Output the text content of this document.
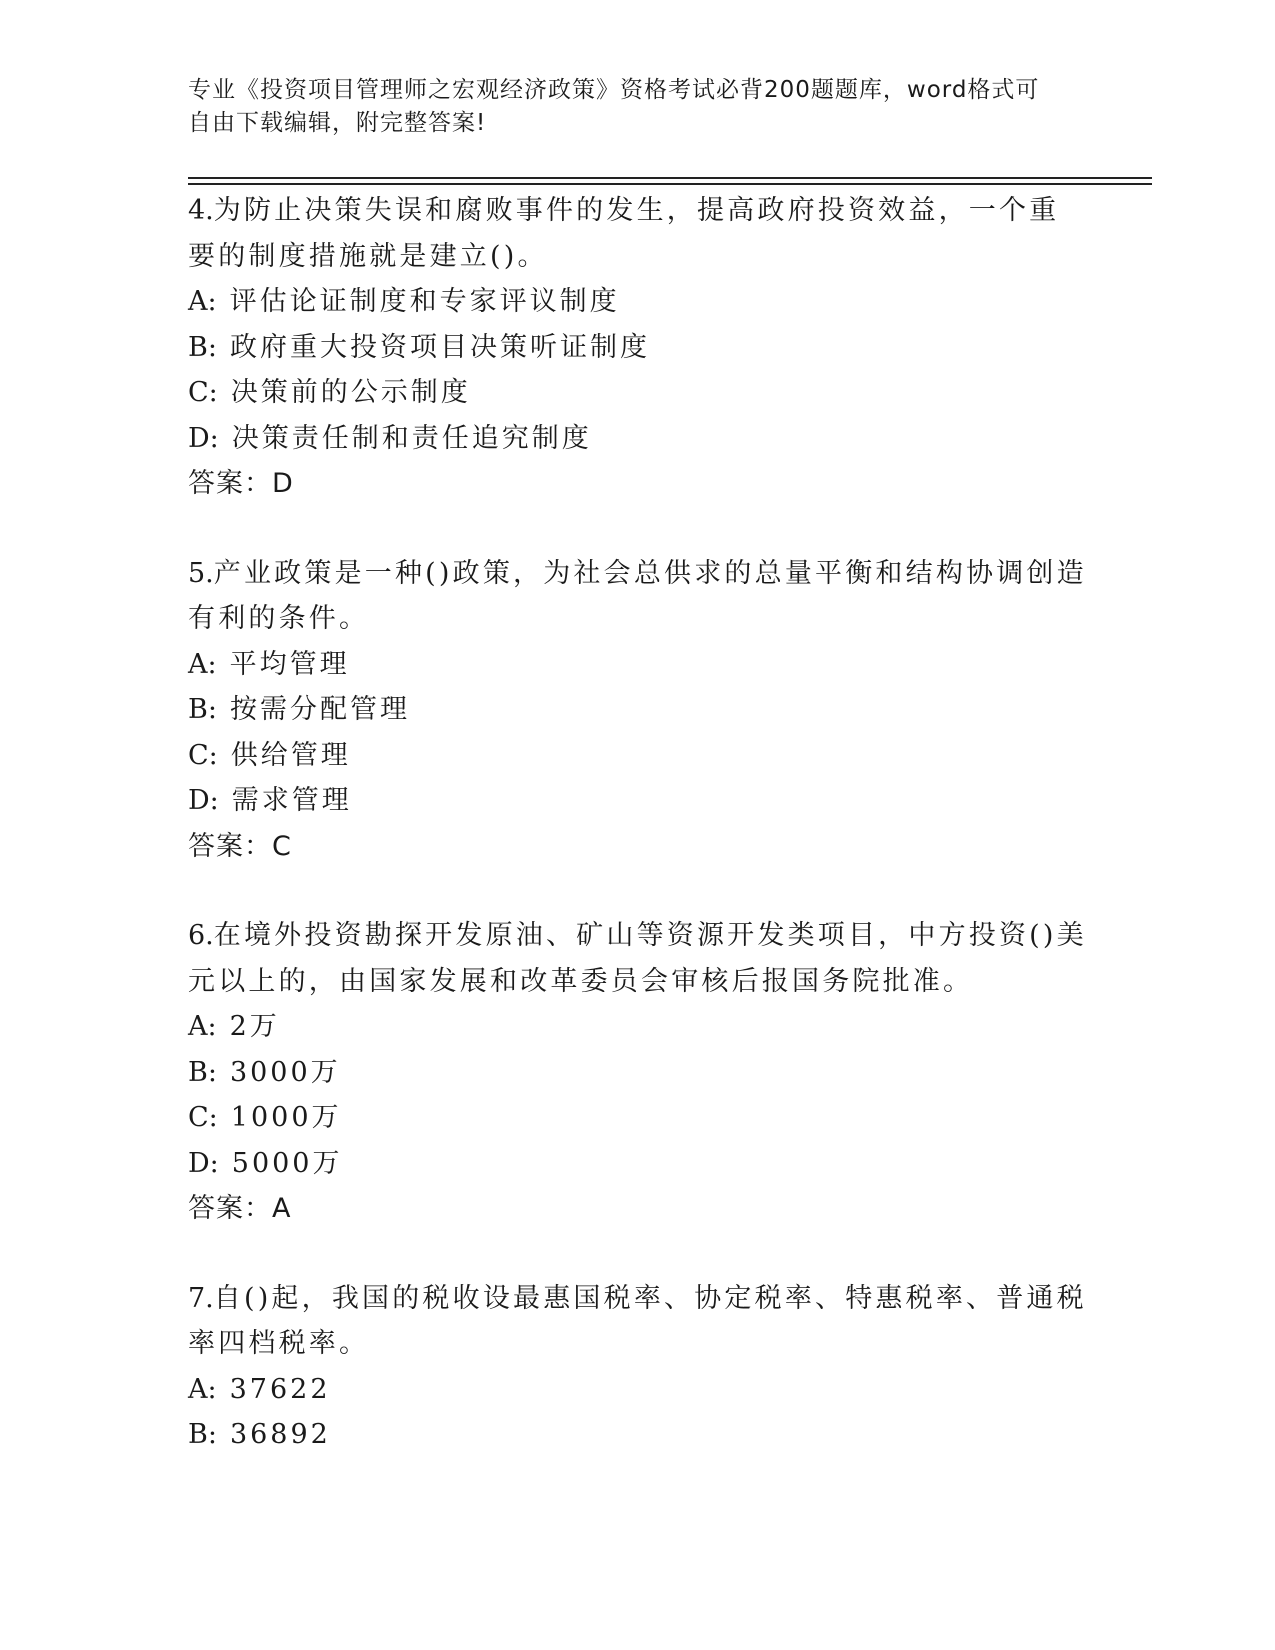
专业《投资项目管理师之宏观经济政策》资格考试必背200题题库，word格式可
自由下载编辑，附完整答案!

4.为防止决策失误和腐败事件的发生，提高政府投资效益，一个重要的制度措施就是建立()。

A: 评估论证制度和专家评议制度
B: 政府重大投资项目决策听证制度
C: 决策前的公示制度
D: 决策责任制和责任追究制度
答案：D

5.产业政策是一种()政策，为社会总供求的总量平衡和结构协调创造有利的条件。

A: 平均管理
B: 按需分配管理
C: 供给管理
D: 需求管理
答案：C

6.在境外投资勘探开发原油、矿山等资源开发类项目，中方投资()美元以上的，由国家发展和改革委员会审核后报国务院批准。

A: 2万
B: 3000万
C: 1000万
D: 5000万
答案：A

7.自()起，我国的税收设最惠国税率、协定税率、特惠税率、普通税率四档税率。

A: 37622
B: 36892
